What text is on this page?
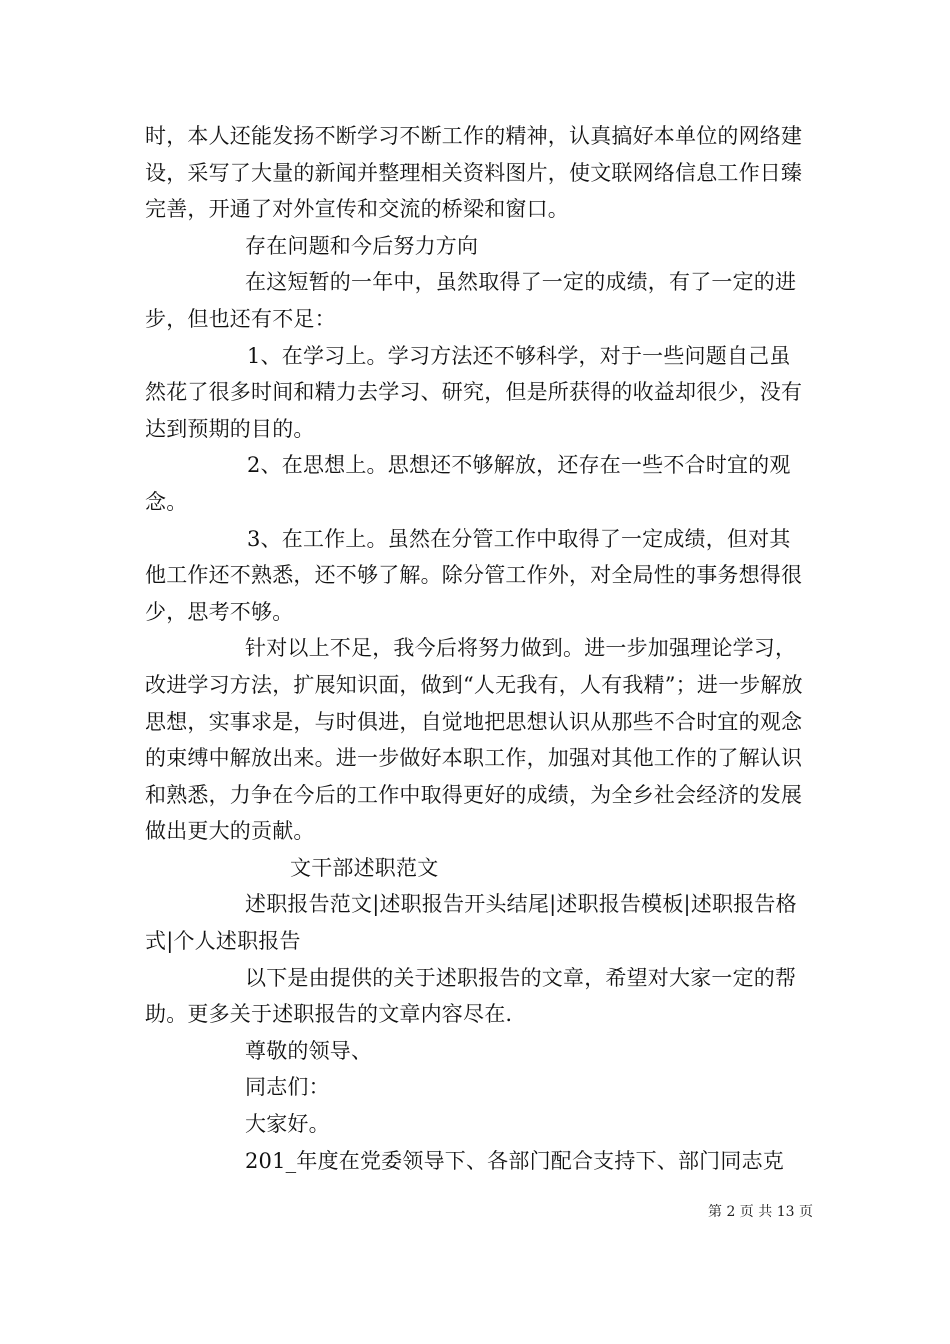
时，本人还能发扬不断学习不断工作的精神，认真搞好本单位的网络建设，采写了大量的新闻并整理相关资料图片，使文联网络信息工作日臻完善，开通了对外宣传和交流的桥梁和窗口。

存在问题和今后努力方向

在这短暂的一年中，虽然取得了一定的成绩，有了一定的进步，但也还有不足：

1、在学习上。学习方法还不够科学，对于一些问题自己虽然花了很多时间和精力去学习、研究，但是所获得的收益却很少，没有达到预期的目的。

2、在思想上。思想还不够解放，还存在一些不合时宜的观念。

3、在工作上。虽然在分管工作中取得了一定成绩，但对其他工作还不熟悉，还不够了解。除分管工作外，对全局性的事务想得很少，思考不够。

针对以上不足，我今后将努力做到。进一步加强理论学习，改进学习方法，扩展知识面，做到“人无我有，人有我精”；进一步解放思想，实事求是，与时俱进，自觉地把思想认识从那些不合时宜的观念的束缚中解放出来。进一步做好本职工作，加强对其他工作的了解认识和熟悉，力争在今后的工作中取得更好的成绩，为全乡社会经济的发展做出更大的贡献。

文干部述职范文

述职报告范文|述职报告开头结尾|述职报告模板|述职报告格式|个人述职报告

以下是由提供的关于述职报告的文章，希望对大家一定的帮助。更多关于述职报告的文章内容尽在.

尊敬的领导、

同志们：

大家好。

201_年度在党委领导下、各部门配合支持下、部门同志克

第 2 页 共 13 页
